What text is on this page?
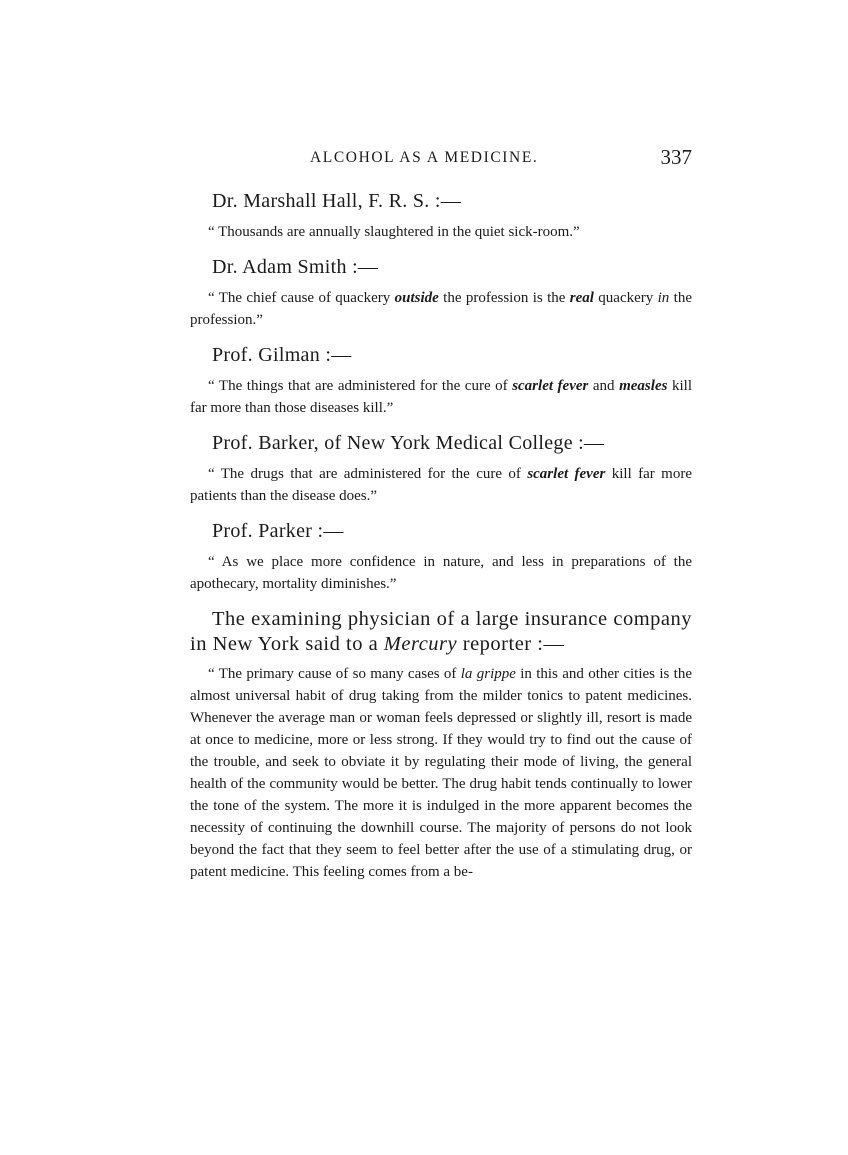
ALCOHOL AS A MEDICINE.	337
Dr. Marshall Hall, F. R. S. :—

“ Thousands are annually slaughtered in the quiet sick-room.”

Dr. Adam Smith :—

“ The chief cause of quackery outside the profession is the real quackery in the profession.”

Prof. Gilman :—

“ The things that are administered for the cure of scarlet fever and measles kill far more than those diseases kill.”

Prof. Barker, of New York Medical College :—

“ The drugs that are administered for the cure of scarlet fever kill far more patients than the disease does.”

Prof. Parker :—

“ As we place more confidence in nature, and less in preparations of the apothecary, mortality diminishes.”

The examining physician of a large insurance company in New York said to a Mercury reporter :—

“ The primary cause of so many cases of la grippe in this and other cities is the almost universal habit of drug taking from the milder tonics to patent medicines. Whenever the average man or woman feels depressed or slightly ill, resort is made at once to medicine, more or less strong. If they would try to find out the cause of the trouble, and seek to obviate it by regulating their mode of living, the general health of the community would be better. The drug habit tends continually to lower the tone of the system. The more it is indulged in the more apparent becomes the necessity of continuing the downhill course. The majority of persons do not look beyond the fact that they seem to feel better after the use of a stimulating drug, or patent medicine. This feeling comes from a be-
